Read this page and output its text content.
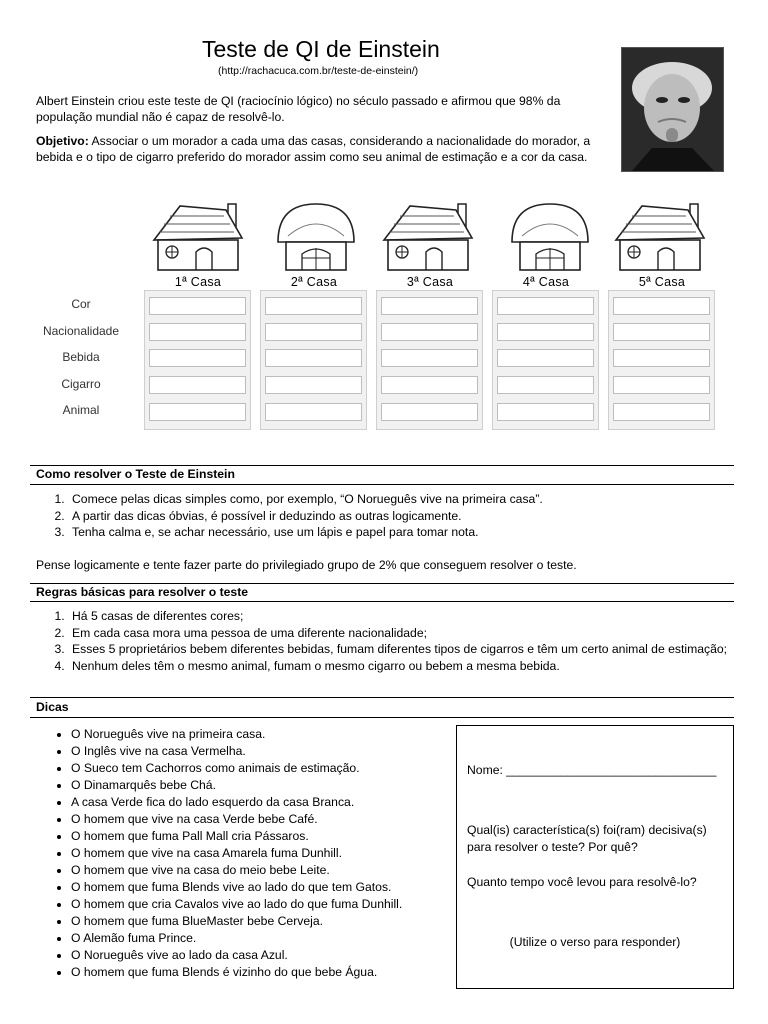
Teste de QI de Einstein
(http://rachacuca.com.br/teste-de-einstein/)
Albert Einstein criou este teste de QI (raciocínio lógico) no século passado e afirmou que 98% da população mundial não é capaz de resolvê-lo.
Objetivo: Associar o um morador a cada uma das casas, considerando a nacionalidade do morador, a bebida e o tipo de cigarro preferido do morador assim como seu animal de estimação e a cor da casa.
1ª Casa	2ª Casa	3ª Casa	4ª Casa	5ª Casa
Cor
Nacionalidade
Bebida
Cigarro
Animal
Como resolver o Teste de Einstein
1. Comece pelas dicas simples como, por exemplo, “O Norueguês vive na primeira casa”.
2. A partir das dicas óbvias, é possível ir deduzindo as outras logicamente.
3. Tenha calma e, se achar necessário, use um lápis e papel para tomar nota.
Pense logicamente e tente fazer parte do privilegiado grupo de 2% que conseguem resolver o teste.
Regras básicas para resolver o teste
1. Há 5 casas de diferentes cores;
2. Em cada casa mora uma pessoa de uma diferente nacionalidade;
3. Esses 5 proprietários bebem diferentes bebidas, fumam diferentes tipos de cigarros e têm um certo animal de estimação;
4. Nenhum deles têm o mesmo animal, fumam o mesmo cigarro ou bebem a mesma bebida.
Dicas
• O Norueguês vive na primeira casa.
• O Inglês vive na casa Vermelha.
• O Sueco tem Cachorros como animais de estimação.
• O Dinamarquês bebe Chá.
• A casa Verde fica do lado esquerdo da casa Branca.
• O homem que vive na casa Verde bebe Café.
• O homem que fuma Pall Mall cria Pássaros.
• O homem que vive na casa Amarela fuma Dunhill.
• O homem que vive na casa do meio bebe Leite.
• O homem que fuma Blends vive ao lado do que tem Gatos.
• O homem que cria Cavalos vive ao lado do que fuma Dunhill.
• O homem que fuma BlueMaster bebe Cerveja.
• O Alemão fuma Prince.
• O Norueguês vive ao lado da casa Azul.
• O homem que fuma Blends é vizinho do que bebe Água.
Nome: _______________________________
Qual(is) característica(s) foi(ram) decisiva(s) para resolver o teste? Por quê?
Quanto tempo você levou para resolvê-lo?
(Utilize o verso para responder)
